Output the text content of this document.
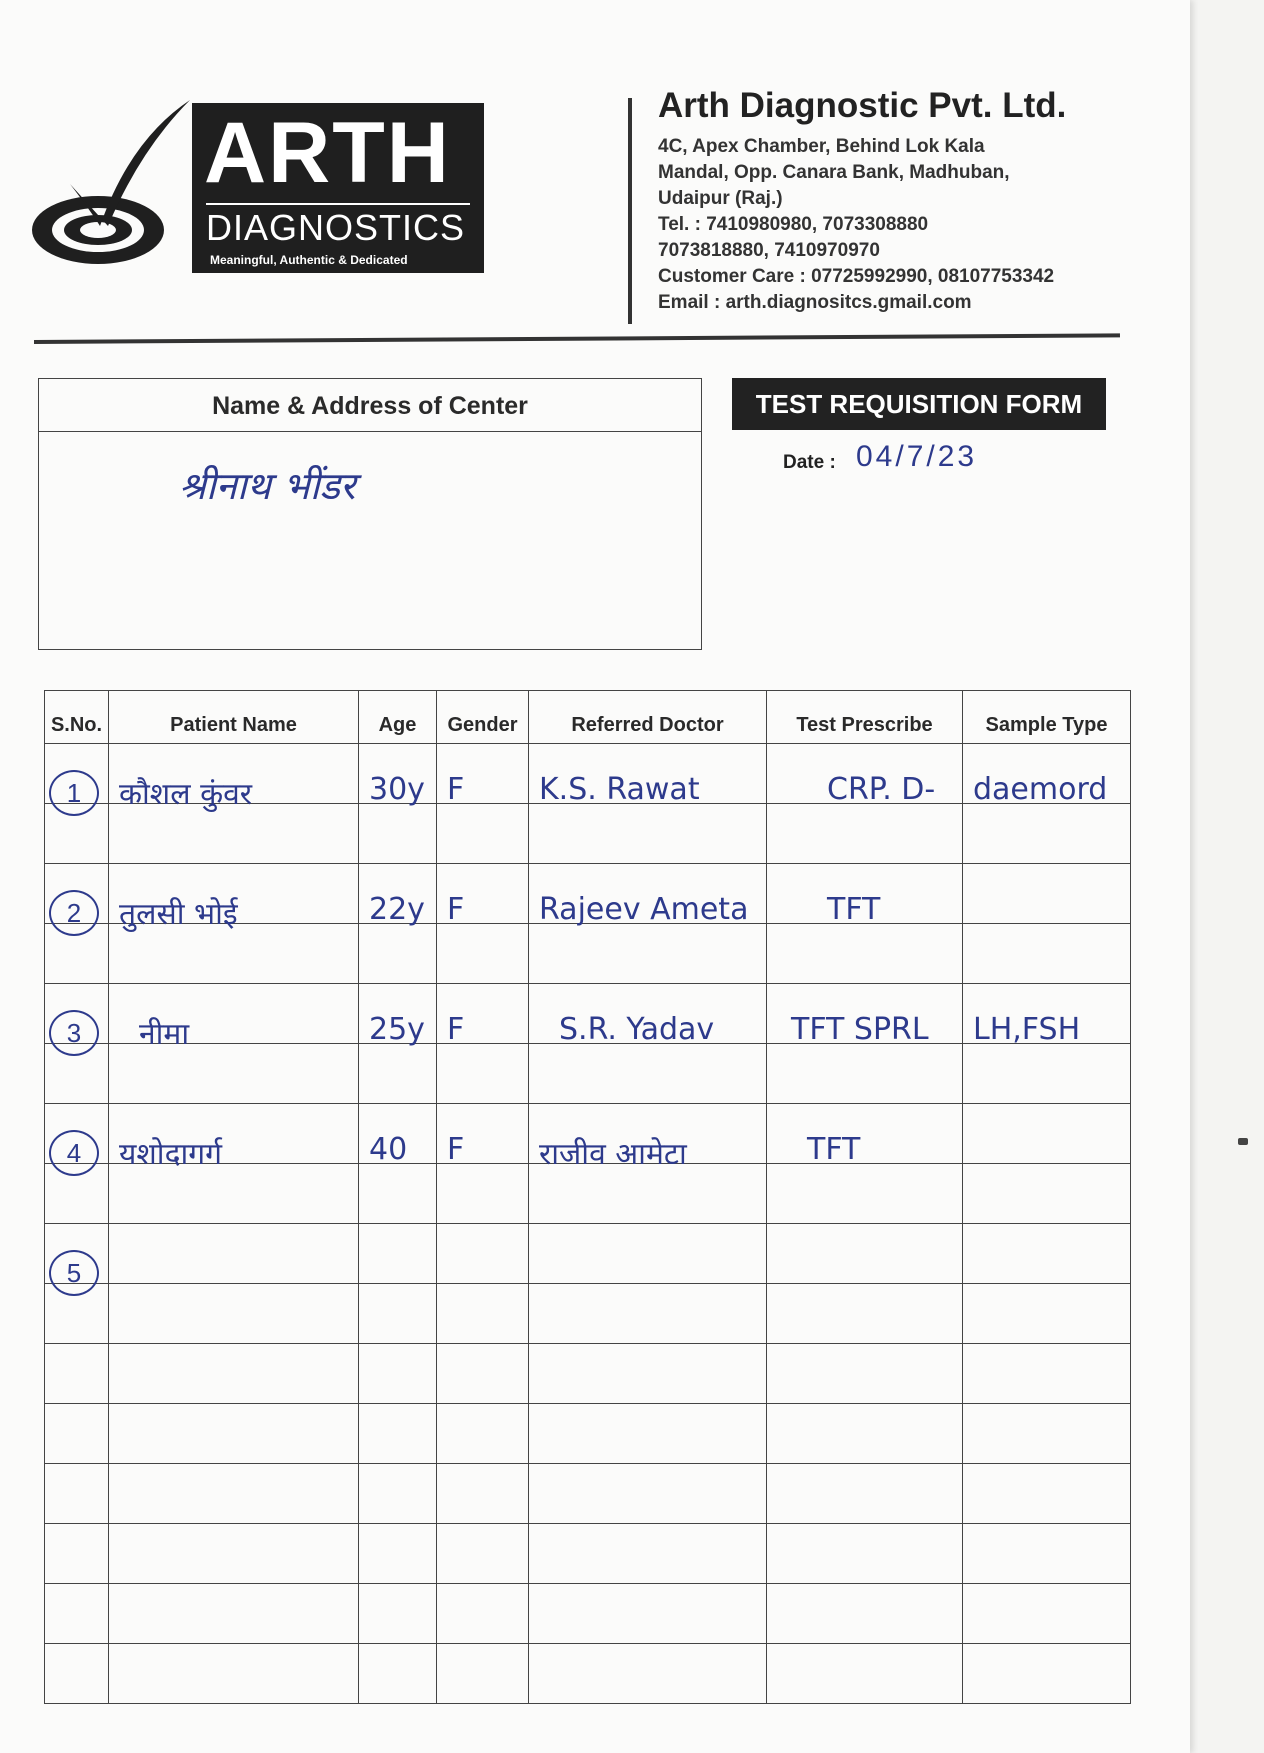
ARTH
DIAGNOSTICS
Meaningful, Authentic & Dedicated
Arth Diagnostic Pvt. Ltd.
4C, Apex Chamber, Behind Lok Kala
Mandal, Opp. Canara Bank, Madhuban,
Udaipur (Raj.)
Tel. : 7410980980, 7073308880
7073818880, 7410970970
Customer Care : 07725992990, 08107753342
Email : arth.diagnositcs.gmail.com
Name & Address of Center
श्रीनाथ भींडर
TEST REQUISITION FORM
Date : 04/7/23
S.No.	Patient Name	Age	Gender	Referred Doctor	Test Prescribe	Sample Type

1	कौशल कुंवर	30y	F	K.S. Rawat	CRP. D-	daemord

2	तुलसी भोई	22y	F	Rajeev Ameta	TFT	

3	नीमा	25y	F	S.R. Yadav	TFT SPRL	LH,FSH

4	यशोदागर्ग	40	F	राजीव आमेटा	TFT	

5						
